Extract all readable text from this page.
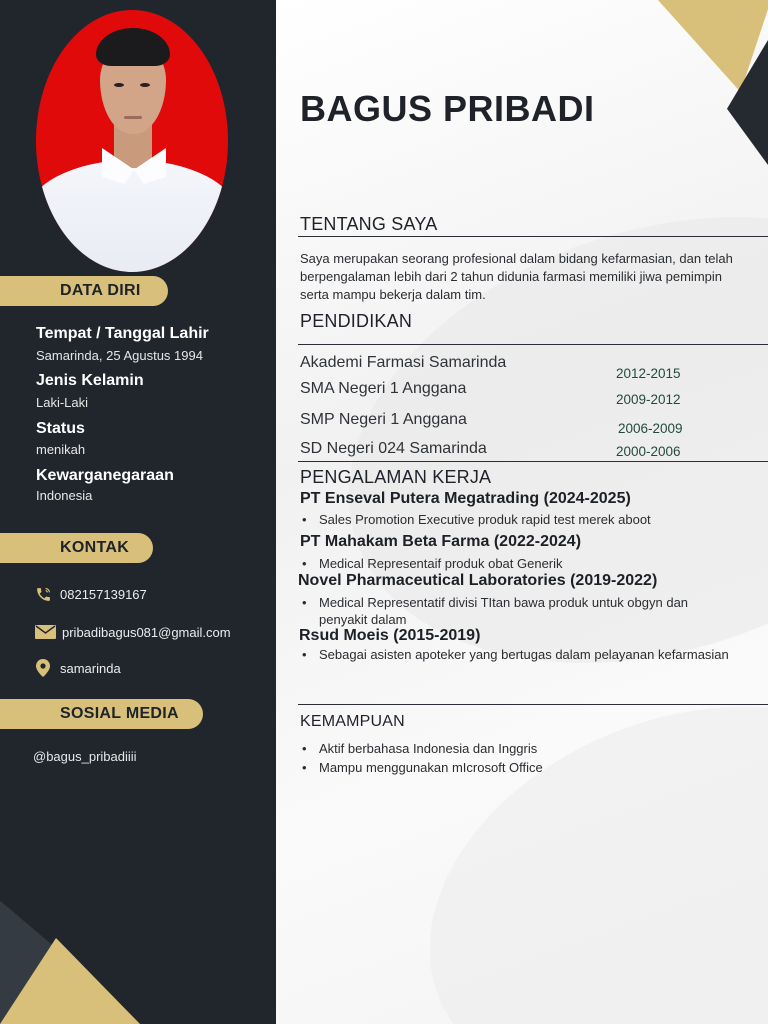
DATA DIRI
Tempat / Tanggal Lahir
Samarinda, 25 Agustus 1994
Jenis Kelamin
Laki-Laki
Status
menikah
Kewarganegaraan
Indonesia
KONTAK
082157139167
pribadibagus081@gmail.com
samarinda
SOSIAL MEDIA
@bagus_pribadiiii
BAGUS PRIBADI
TENTANG SAYA
Saya merupakan seorang profesional dalam bidang kefarmasian, dan telah berpengalaman lebih dari 2 tahun didunia farmasi memiliki jiwa pemimpin serta mampu bekerja dalam tim.
PENDIDIKAN
Akademi Farmasi Samarinda
2012-2015
SMA Negeri 1 Anggana
2009-2012
SMP Negeri 1 Anggana
2006-2009
SD Negeri 024 Samarinda	2000-2006
PENGALAMAN KERJA
PT Enseval Putera Megatrading (2024-2025)
• Sales Promotion Executive produk rapid test merek aboot
PT Mahakam Beta Farma (2022-2024)
• Medical Representaif produk obat Generik
Novel Pharmaceutical Laboratories (2019-2022)
• Medical Representatif divisi TItan bawa produk untuk obgyn dan penyakit dalam
Rsud Moeis (2015-2019)
• Sebagai asisten apoteker yang bertugas dalam pelayanan kefarmasian
KEMAMPUAN
• Aktif berbahasa Indonesia dan Inggris
• Mampu menggunakan mIcrosoft Office
